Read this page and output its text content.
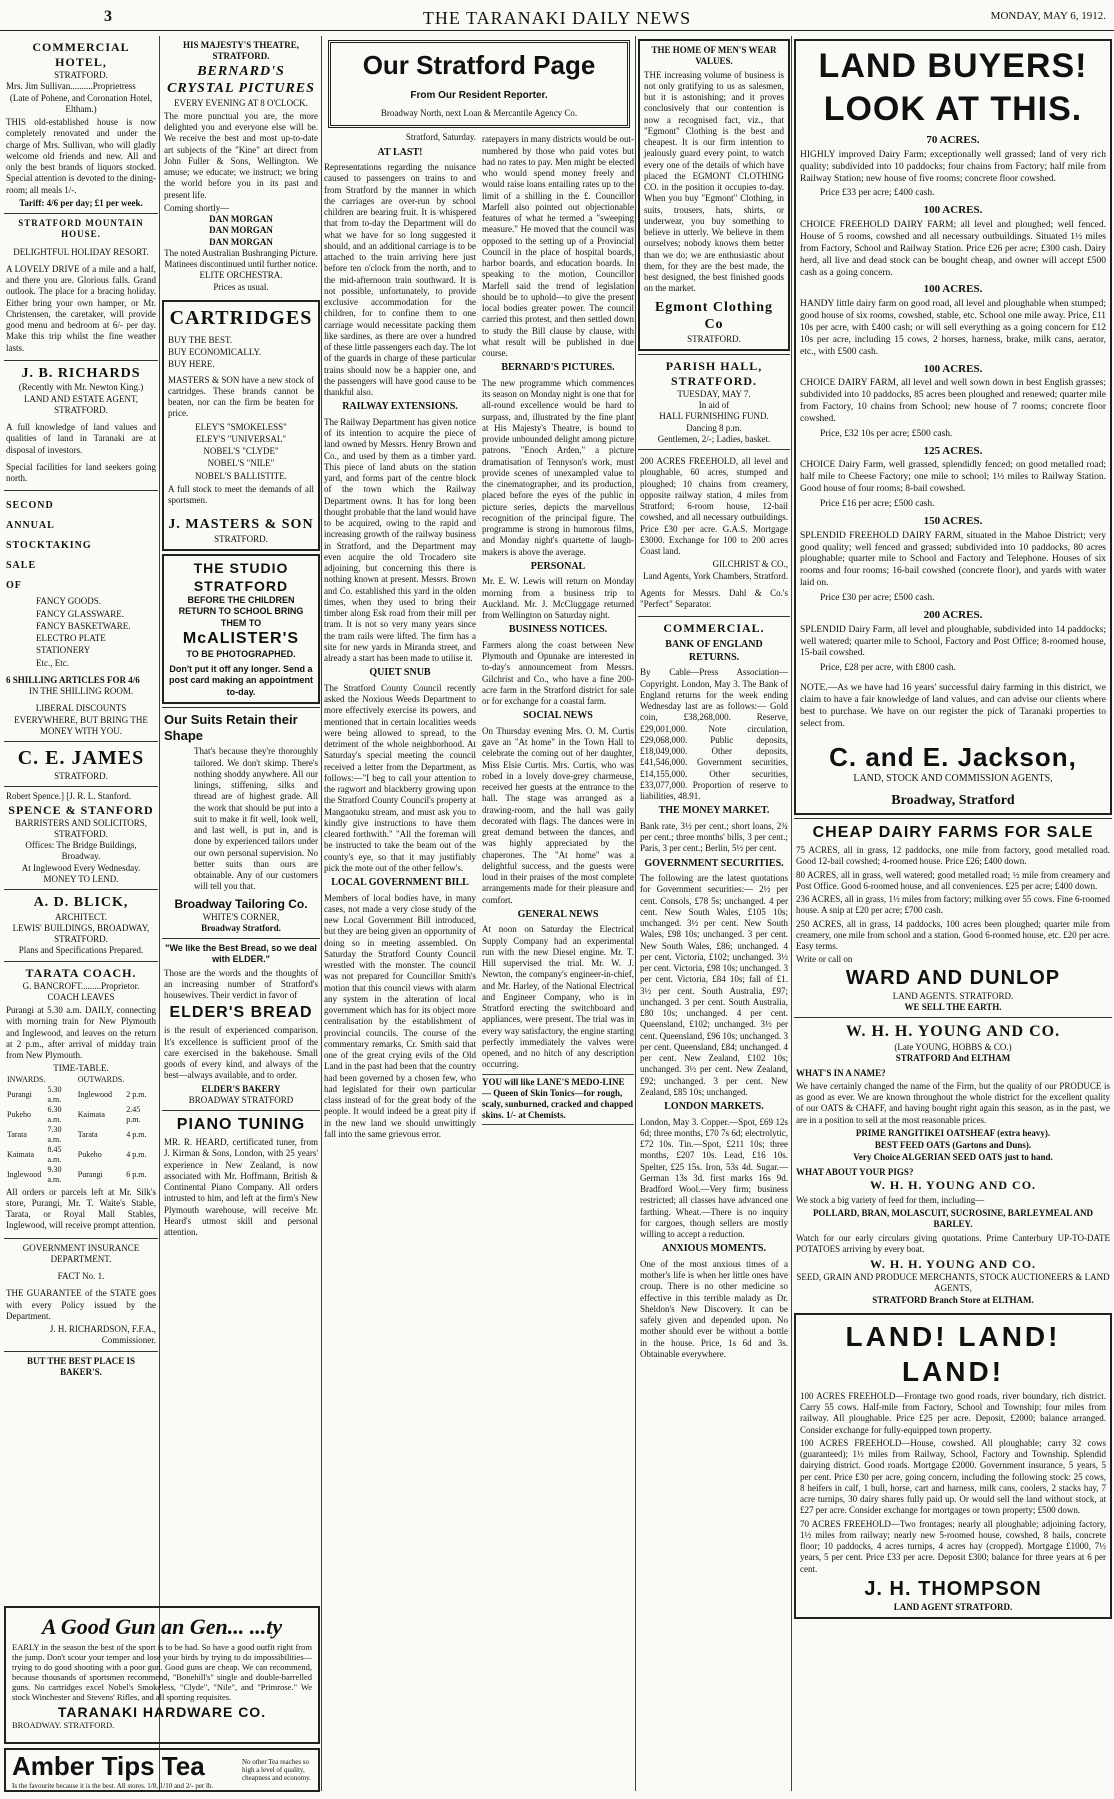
3	THE TARANAKI DAILY NEWS	MONDAY, MAY 6, 1912.
COMMERCIAL HOTEL,
STRATFORD.
Mrs. Jim Sullivan..........Proprietress
(Late of Pohene, and Coronation Hotel, Eltham.)
THIS old-established house is now completely renovated and under the charge of Mrs. Sullivan, who will gladly welcome old friends and new. All and only the best brands of liquors stocked. Special attention is devoted to the dining-room; all meals 1/-.
Tariff: 4/6 per day; £1 per week.
STRATFORD MOUNTAIN HOUSE.
DELIGHTFUL HOLIDAY RESORT.
A LOVELY DRIVE of a mile and a half, and there you are. Glorious falls. Grand outlook. The place for a bracing holiday. Either bring your own hamper, or Mr. Christensen, the caretaker, will provide good menu and bedroom at 6/- per day. Make this trip whilst the fine weather lasts.
J. B. RICHARDS
(Recently with Mr. Newton King.)
LAND AND ESTATE AGENT,
STRATFORD.
A full knowledge of land values and qualities of land in Taranaki are at disposal of investors.
Special facilities for land seekers going north.
SECOND
ANNUAL
STOCKTAKING
SALE
OF
FANCY GOODS.
FANCY GLASSWARE.
FANCY BASKETWARE.
ELECTRO PLATE
STATIONERY
Etc., Etc.
6 SHILLING ARTICLES FOR 4/6
IN THE SHILLING ROOM.
LIBERAL DISCOUNTS EVERYWHERE, BUT BRING THE MONEY WITH YOU.
C. E. JAMES
STRATFORD.
Robert Spence.] [J. R. L. Stanford.
SPENCE & STANFORD
BARRISTERS AND SOLICITORS, STRATFORD.
Offices: The Bridge Buildings, Broadway.
At Inglewood Every Wednesday.
MONEY TO LEND.
A. D. BLICK,
ARCHITECT.
LEWIS' BUILDINGS, BROADWAY, STRATFORD.
Plans and Specifications Prepared.
TARATA COACH.
G. BANCROFT.........Proprietor.
COACH LEAVES
Purangi at 5.30 a.m. DAILY, connecting with morning train for New Plymouth and Inglewood, and leaves on the return at 2 p.m., after arrival of midday train from New Plymouth.
TIME-TABLE.
INWARDS.		OUTWARDS.	
Purangi	5.30 a.m.	Inglewood	2 p.m.
Pukeho	6.30 a.m.	Kaimata	2.45 p.m.
Tarata	7.30 a.m.	Tarata	4 p.m.
Kaimata	8.45 a.m.	Pukeho	4 p.m.
Inglewood	9.30 a.m.	Purangi	6 p.m.
All orders or parcels left at Mr. Silk's store, Purangi, Mr. T. Waite's Stable, Tarata, or Royal Mall Stables, Inglewood, will receive prompt attention.
GOVERNMENT INSURANCE DEPARTMENT.
FACT No. 1.
THE GUARANTEE of the STATE goes with every Policy issued by the Department.
J. H. RICHARDSON, F.F.A., Commissioner.
BUT THE BEST PLACE IS BAKER'S.
HIS MAJESTY'S THEATRE, STRATFORD.
BERNARD'S CRYSTAL PICTURES
EVERY EVENING AT 8 O'CLOCK.
The more punctual you are, the more delighted you and everyone else will be. We receive the best and most up-to-date art subjects of the "Kine" art direct from John Fuller & Sons, Wellington. We amuse; we educate; we instruct; we bring the world before you in its past and present life.
Coming shortly—
DAN MORGAN
DAN MORGAN
DAN MORGAN
The noted Australian Bushranging Picture.
Matinees discontinued until further notice.
ELITE ORCHESTRA.
Prices as usual.
CARTRIDGES
BUY THE BEST.
BUY ECONOMICALLY.
BUY HERE.
MASTERS & SON have a new stock of cartridges. These brands cannot be beaten, nor can the firm be beaten for price.
ELEY'S "SMOKELESS"
ELEY'S "UNIVERSAL"
NOBEL'S "CLYDE"
NOBEL'S "NILE"
NOBEL'S BALLISTITE.
A full stock to meet the demands of all sportsmen.
J. MASTERS & SON
STRATFORD.
THE STUDIO STRATFORD
BEFORE THE CHILDREN RETURN TO SCHOOL BRING THEM TO
McALISTER'S
TO BE PHOTOGRAPHED.
Don't put it off any longer. Send a post card making an appointment to-day.
Our Suits Retain their Shape
That's because they're thoroughly tailored. We don't skimp. There's nothing shoddy anywhere. All our linings, stiffening, silks and thread are of highest grade. All the work that should be put into a suit to make it fit well, look well, and last well, is put in, and is done by experienced tailors under our own personal supervision. No better suits than ours are obtainable. Any of our customers will tell you that.
Broadway Tailoring Co.
WHITE'S CORNER,
Broadway Stratford.
"We like the Best Bread, so we deal with ELDER."
Those are the words and the thoughts of an increasing number of Stratford's housewives. Their verdict in favor of
ELDER'S BREAD
is the result of experienced comparison. It's excellence is sufficient proof of the care exercised in the bakehouse. Small goods of every kind, and always of the best—always available, and to order.
ELDER'S BAKERY
BROADWAY STRATFORD
PIANO TUNING
MR. R. HEARD, certificated tuner, from J. Kirman & Sons, London, with 25 years' experience in New Zealand, is now associated with Mr. Hoffmann, British & Continental Piano Company. All orders intrusted to him, and left at the firm's New Plymouth warehouse, will receive Mr. Heard's utmost skill and personal attention.
A Good Gun an Gen... ...ty
EARLY in the season the best of the sport is to be had. So have a good outfit right from the jump. Don't scour your temper and lose your birds by trying to do impossibilities—trying to do good shooting with a poor gun. Good guns are cheap. We can recommend, because thousands of sportsmen recommend, "Bonehill's" single and double-barrelled guns. No cartridges excel Nobel's Smokeless, "Clyde", "Nile", and "Primrose." We stock Winchester and Stevens' Rifles, and all sporting requisites.
TARANAKI HARDWARE CO.
BROADWAY. STRATFORD.
Amber Tips Tea
Is the favourite because it is the best. All stores. 1/8, 1/10 and 2/- per lb.
No other Tea reaches so high a level of quality, cheapness and economy.
Our Stratford Page
From Our Resident Reporter.
Broadway North, next Loan & Mercantile Agency Co.
Stratford, Saturday.
AT LAST!
Representations regarding the nuisance caused to passengers on trains to and from Stratford by the manner in which the carriages are over-run by school children are bearing fruit. It is whispered that from to-day the Department will do what we have for so long suggested it should, and an additional carriage is to be attached to the train arriving here just before ten o'clock from the north, and to the mid-afternoon train southward. It is not possible, unfortunately, to provide exclusive accommodation for the children, for to confine them to one carriage would necessitate packing them like sardines, as there are over a hundred of these little passengers each day. The lot of the guards in charge of these particular trains should now be a happier one, and the passengers will have good cause to be thankful also.
RAILWAY EXTENSIONS.
The Railway Department has given notice of its intention to acquire the piece of land owned by Messrs. Henry Brown and Co., and used by them as a timber yard. This piece of land abuts on the station yard, and forms part of the centre block of the town which the Railway Department owns. It has for long been thought probable that the land would have to be acquired, owing to the rapid and increasing growth of the railway business in Stratford, and the Department may even acquire the old Trocadero site adjoining, but concerning this there is nothing known at present. Messrs. Brown and Co. established this yard in the olden times, when they used to bring their timber along Esk road from their mill per tram. It is not so very many years since the tram rails were lifted. The firm has a site for new yards in Miranda street, and already a start has been made to utilise it.
QUIET SNUB
The Stratford County Council recently asked the Noxious Weeds Department to more effectively exercise its powers, and mentioned that in certain localities weeds were being allowed to spread, to the detriment of the whole neighborhood. At Saturday's special meeting the council received a letter from the Department, as follows:—"I beg to call your attention to the ragwort and blackberry growing upon the Stratford County Council's property at Mangaotuku stream, and must ask you to kindly give instructions to have them cleared forthwith." "All the foreman will be instructed to take the beam out of the county's eye, so that it may justifiably pick the mote out of the other fellow's.
LOCAL GOVERNMENT BILL
Members of local bodies have, in many cases, not made a very close study of the new Local Government Bill introduced, but they are being given an opportunity of doing so in meeting assembled. On Saturday the Stratford County Council wrestled with the monster. The council was not prepared for Councillor Smith's motion that this council views with alarm any system in the alteration of local government which has for its object more centralisation by the establishment of provincial councils. The course of the commentary remarks, Cr. Smith said that one of the great crying evils of the Old Land in the past had been that the country had been governed by a chosen few, who had legislated for their own particular class instead of for the great body of the people. It would indeed be a great pity if in the new land we should unwittingly fall into the same grievous error.
ratepayers in many districts would be out-numbered by those who paid votes but had no rates to pay. Men might be elected who would spend money freely and would raise loans entailing rates up to the limit of a shilling in the £. Councillor Marfell also pointed out objectionable features of what he termed a "sweeping measure." He moved that the council was opposed to the setting up of a Provincial Council in the place of hospital boards, harbor boards, and education boards. In speaking to the motion, Councillor Marfell said the trend of legislation should be to uphold—to give the present local bodies greater power. The council carried this protest, and then settled down to study the Bill clause by clause, with what result will be published in due course.
BERNARD'S PICTURES.
The new programme which commences its season on Monday night is one that for all-round excellence would be hard to surpass, and, illustrated by the fine plant at His Majesty's Theatre, is bound to provide unbounded delight among picture patrons. "Enoch Arden," a picture dramatisation of Tennyson's work, must provide scenes of unexampled value to the cinematographer, and its production, placed before the eyes of the public in picture series, depicts the marvellous recognition of the principal figure. The programme is strong in humorous films, and Monday night's quartette of laugh-makers is above the average.
PERSONAL
Mr. E. W. Lewis will return on Monday morning from a business trip to Auckland. Mr. J. McCluggage returned from Wellington on Saturday night.
BUSINESS NOTICES.
Farmers along the coast between New Plymouth and Opunake are interested in to-day's announcement from Messrs. Gilchrist and Co., who have a fine 200-acre farm in the Stratford district for sale or for exchange for a coastal farm.
SOCIAL NEWS
On Thursday evening Mrs. O. M. Curtis gave an "At home" in the Town Hall to celebrate the coming out of her daughter, Miss Elsie Curtis. Mrs. Curtis, who was robed in a lovely dove-grey charmeuse, received her guests at the entrance to the hall. The stage was arranged as a drawing-room, and the hall was gaily decorated with flags. The dances were in great demand between the dances, and was highly appreciated by the chaperones. The "At home" was a delightful success, and the guests were loud in their praises of the most complete arrangements made for their pleasure and comfort.
GENERAL NEWS
At noon on Saturday the Electrical Supply Company had an experimental run with the new Diesel engine. Mr. T. Hill supervised the trial. Mr. W. J. Newton, the company's engineer-in-chief, and Mr. Harley, of the National Electrical and Engineer Company, who is in Stratford erecting the switchboard and appliances, were present. The trial was in every way satisfactory, the engine starting perfectly immediately the valves were opened, and no hitch of any description occurring.
YOU will like LANE'S MEDO-LINE — Queen of Skin Tonics—for rough, scaly, sunburned, cracked and chapped skins. 1/- at Chemists.
THE HOME OF MEN'S WEAR VALUES.
THE increasing volume of business is not only gratifying to us as salesmen, but it is astonishing; and it proves conclusively that our contention is now a recognised fact, viz., that "Egmont" Clothing is the best and cheapest. It is our firm intention to jealously guard every point, to watch every one of the details of which have placed the EGMONT CLOTHING CO. in the position it occupies to-day. When you buy "Egmont" Clothing, in suits, trousers, hats, shirts, or underwear, you buy something to believe in utterly. We believe in them ourselves; nobody knows them better than we do; we are enthusiastic about them, for they are the best made, the best designed, the best finished goods on the market.
Egmont Clothing Co
STRATFORD.
PARISH HALL, STRATFORD.
TUESDAY, MAY 7.
In aid of
HALL FURNISHING FUND.
Dancing 8 p.m.
Gentlemen, 2/-; Ladies, basket.
200 ACRES FREEHOLD, all level and ploughable, 60 acres, stumped and ploughed; 10 chains from creamery, opposite railway station, 4 miles from Stratford; 6-room house, 12-bail cowshed, and all necessary outbuildings. Price £30 per acre. G.A.S. Mortgage £3000. Exchange for 100 to 200 acres Coast land.
GILCHRIST & CO.,
Land Agents, York Chambers, Stratford.
Agents for Messrs. Dahl & Co.'s "Perfect" Separator.
COMMERCIAL.
BANK OF ENGLAND RETURNS.
By Cable—Press Association—Copyright. London, May 3. The Bank of England returns for the week ending Wednesday last are as follows:— Gold coin, £38,268,000. Reserve, £29,001,000. Note circulation, £29,068,000. Public deposits, £18,049,000. Other deposits, £41,546,000. Government securities, £14,155,000. Other securities, £33,077,000. Proportion of reserve to liabilities, 48.91.
THE MONEY MARKET.
Bank rate, 3½ per cent.; short loans, 2¾ per cent.; three months' bills, 3 per cent.; Paris, 3 per cent.; Berlin, 5½ per cent.
GOVERNMENT SECURITIES.
The following are the latest quotations for Government securities:— 2½ per cent. Consols, £78 5s; unchanged. 4 per cent. New South Wales, £105 10s; unchanged. 3½ per cent. New South Wales, £98 10s; unchanged. 3 per cent. New South Wales, £86; unchanged. 4 per cent. Victoria, £102; unchanged. 3½ per cent. Victoria, £98 10s; unchanged. 3 per cent. Victoria, £84 10s; fall of £1. 3½ per cent. South Australia, £97; unchanged. 3 per cent. South Australia, £80 10s; unchanged. 4 per cent. Queensland, £102; unchanged. 3½ per cent. Queensland, £96 10s; unchanged. 3 per cent. Queensland, £84; unchanged. 4 per cent. New Zealand, £102 10s; unchanged. 3½ per cent. New Zealand, £92; unchanged. 3 per cent. New Zealand, £85 10s; unchanged.
LONDON MARKETS.
London, May 3. Copper.—Spot, £69 12s 6d; three months, £70 7s 6d; electrolytic, £72 10s. Tin.—Spot, £211 10s; three months, £207 10s. Lead, £16 10s. Spelter, £25 15s. Iron, 53s 4d. Sugar.—German 13s 3d. first marks 16s 9d. Bradford Wool.—Very firm; business restricted; all classes have advanced one farthing. Wheat.—There is no inquiry for cargoes, though sellers are mostly willing to accept a reduction.
ANXIOUS MOMENTS.
One of the most anxious times of a mother's life is when her little ones have croup. There is no other medicine so effective in this terrible malady as Dr. Sheldon's New Discovery. It can be safely given and depended upon. No mother should ever be without a bottle in the house. Price, 1s 6d and 3s. Obtainable everywhere.
LAND BUYERS!
LOOK AT THIS.
70 ACRES.

HIGHLY improved Dairy Farm; exceptionally well grassed; land of very rich quality; subdivided into 10 paddocks; four chains from Factory; half mile from Railway Station; new house of five rooms; concrete floor cowshed.

Price £33 per acre; £400 cash.
100 ACRES.

CHOICE FREEHOLD DAIRY FARM; all level and ploughed; well fenced. House of 5 rooms, cowshed and all necessary outbuildings. Situated 1½ miles from Factory, School and Railway Station. Price £26 per acre; £300 cash. Dairy herd, all live and dead stock can be bought cheap, and owner will accept £500 cash as a going concern.

100 ACRES.

HANDY little dairy farm on good road, all level and ploughable when stumped; good house of six rooms, cowshed, stable, etc. School one mile away. Price, £11 10s per acre, with £400 cash; or will sell everything as a going concern for £12 10s per acre, including 15 cows, 2 horses, harness, brake, milk cans, aerator, etc., with £500 cash.

100 ACRES.

CHOICE DAIRY FARM, all level and well sown down in best English grasses; subdivided into 10 paddocks, 85 acres been ploughed and renewed; quarter mile from Factory, 10 chains from School; new house of 7 rooms; concrete floor cowshed.

Price, £32 10s per acre; £500 cash.
125 ACRES.

CHOICE Dairy Farm, well grassed, splendidly fenced; on good metalled road; half mile to Cheese Factory; one mile to school; 1½ miles to Railway Station. Good house of four rooms; 8-bail cowshed.

Price £16 per acre; £500 cash.
150 ACRES.

SPLENDID FREEHOLD DAIRY FARM, situated in the Mahoe District; very good quality; well fenced and grassed; subdivided into 10 paddocks, 80 acres ploughable; quarter mile to School and Factory and Telephone. Houses of six rooms and four rooms; 16-bail cowshed (concrete floor), and yards with water laid on.

Price £30 per acre; £500 cash.
200 ACRES.

SPLENDID Dairy Farm, all level and ploughable, subdivided into 14 paddocks; well watered; quarter mile to School, Factory and Post Office; 8-roomed house, 15-bail cowshed.

Price, £28 per acre, with £800 cash.

NOTE.—As we have had 16 years' successful dairy farming in this district, we claim to have a fair knowledge of land values, and can advise our clients where best to purchase. We have on our register the pick of Taranaki properties to select from.

C. and E. Jackson,
LAND, STOCK AND COMMISSION AGENTS,
Broadway, Stratford
CHEAP DAIRY FARMS FOR SALE
75 ACRES, all in grass, 12 paddocks, one mile from factory, good metalled road. Good 12-bail cowshed; 4-roomed house. Price £26; £400 down.
80 ACRES, all in grass, well watered; good metalled road; ½ mile from creamery and Post Office. Good 6-roomed house, and all conveniences. £25 per acre; £400 down.
236 ACRES, all in grass, 1½ miles from factory; milking over 55 cows. Fine 6-roomed house. A snip at £20 per acre; £700 cash.
250 ACRES, all in grass, 14 paddocks, 100 acres been ploughed; quarter mile from creamery, one mile from school and a station. Good 6-roomed house, etc. £20 per acre. Easy terms.
Write or call on
WARD AND DUNLOP
LAND AGENTS. STRATFORD.
WE SELL THE EARTH.
W. H. H. YOUNG AND CO.
(Late YOUNG, HOBBS & CO.)
STRATFORD And ELTHAM
WHAT'S IN A NAME?
We have certainly changed the name of the Firm, but the quality of our PRODUCE is as good as ever. We are known throughout the whole district for the excellent quality of our OATS & CHAFF, and having bought right again this season, as in the past, we are in a position to sell at the most reasonable prices.
PRIME RANGITIKEI OATSHEAF (extra heavy).
BEST FEED OATS (Gartons and Duns).
Very Choice ALGERIAN SEED OATS just to hand.
WHAT ABOUT YOUR PIGS?
W. H. H. YOUNG AND CO.
We stock a big variety of feed for them, including—
POLLARD, BRAN, MOLASCUIT, SUCROSINE, BARLEYMEAL AND BARLEY.
Watch for our early circulars giving quotations. Prime Canterbury UP-TO-DATE POTATOES arriving by every boat.
W. H. H. YOUNG AND CO.
SEED, GRAIN AND PRODUCE MERCHANTS, STOCK AUCTIONEERS & LAND AGENTS,
STRATFORD Branch Store at ELTHAM.
LAND! LAND! LAND!
100 ACRES FREEHOLD—Frontage two good roads, river boundary, rich district. Carry 55 cows. Half-mile from Factory, School and Township; four miles from railway. All ploughable. Price £25 per acre. Deposit, £2000; balance arranged. Consider exchange for fully-equipped town property.
100 ACRES FREEHOLD—House, cowshed. All ploughable; carry 32 cows (guaranteed); 1½ miles from Railway, School, Factory and Township. Splendid dairying district. Good roads. Mortgage £2000. Government insurance, 5 years, 5 per cent. Price £30 per acre, going concern, including the following stock: 25 cows, 8 heifers in calf, 1 bull, horse, cart and harness, milk cans, coolers, 2 stacks hay, 7 acre turnips, 30 dairy shares fully paid up. Or would sell the land without stock, at £27 per acre. Consider exchange for mortgages or town property; £500 down.
70 ACRES FREEHOLD—Two frontages; nearly all ploughable; adjoining factory, 1½ miles from railway; nearly new 5-roomed house, cowshed, 8 bails, concrete floor; 10 paddocks, 4 acres turnips, 4 acres hay (cropped). Mortgage £1000, 7½ years, 5 per cent. Price £33 per acre. Deposit £300; balance for three years at 6 per cent.
J. H. THOMPSON
LAND AGENT STRATFORD.
